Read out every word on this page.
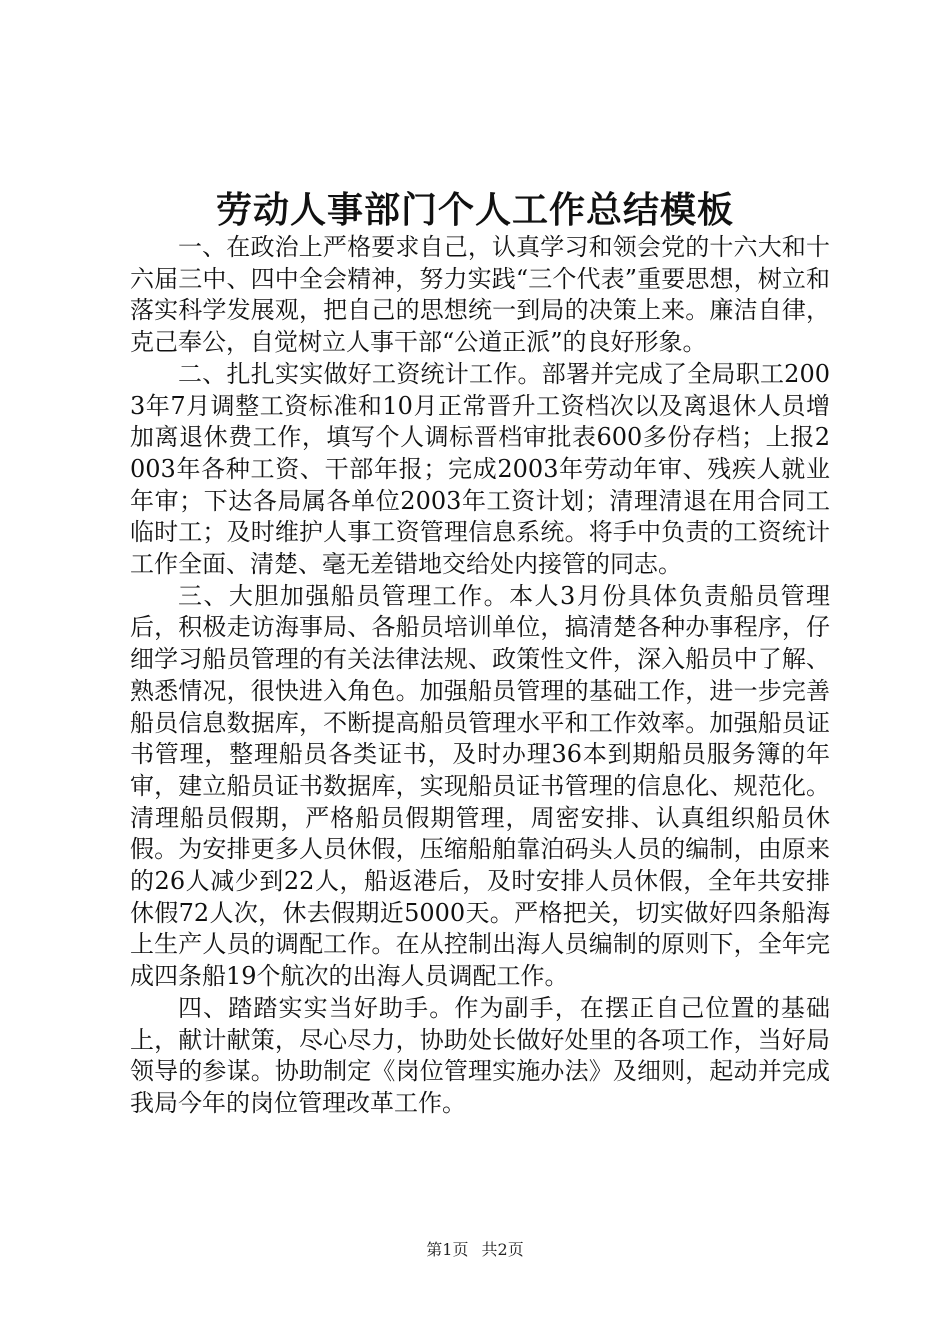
劳动人事部门个人工作总结模板

一、在政治上严格要求自己，认真学习和领会党的十六大和十六届三中、四中全会精神，努力实践“三个代表”重要思想，树立和落实科学发展观，把自己的思想统一到局的决策上来。廉洁自律，克己奉公，自觉树立人事干部“公道正派”的良好形象。

二、扎扎实实做好工资统计工作。部署并完成了全局职工2003年7月调整工资标准和10月正常晋升工资档次以及离退休人员增加离退休费工作，填写个人调标晋档审批表600多份存档；上报2003年各种工资、干部年报；完成2003年劳动年审、残疾人就业年审；下达各局属各单位2003年工资计划；清理清退在用合同工临时工；及时维护人事工资管理信息系统。将手中负责的工资统计工作全面、清楚、毫无差错地交给处内接管的同志。

三、大胆加强船员管理工作。本人3月份具体负责船员管理后，积极走访海事局、各船员培训单位，搞清楚各种办事程序，仔细学习船员管理的有关法律法规、政策性文件，深入船员中了解、熟悉情况，很快进入角色。加强船员管理的基础工作，进一步完善船员信息数据库，不断提高船员管理水平和工作效率。加强船员证书管理，整理船员各类证书，及时办理36本到期船员服务簿的年审，建立船员证书数据库，实现船员证书管理的信息化、规范化。清理船员假期，严格船员假期管理，周密安排、认真组织船员休假。为安排更多人员休假，压缩船舶靠泊码头人员的编制，由原来的26人减少到22人，船返港后，及时安排人员休假，全年共安排休假72人次，休去假期近5000天。严格把关，切实做好四条船海上生产人员的调配工作。在从控制出海人员编制的原则下，全年完成四条船19个航次的出海人员调配工作。

四、踏踏实实当好助手。作为副手，在摆正自己位置的基础上，献计献策，尽心尽力，协助处长做好处里的各项工作，当好局领导的参谋。协助制定《岗位管理实施办法》及细则，起动并完成我局今年的岗位管理改革工作。

第1页 共2页
